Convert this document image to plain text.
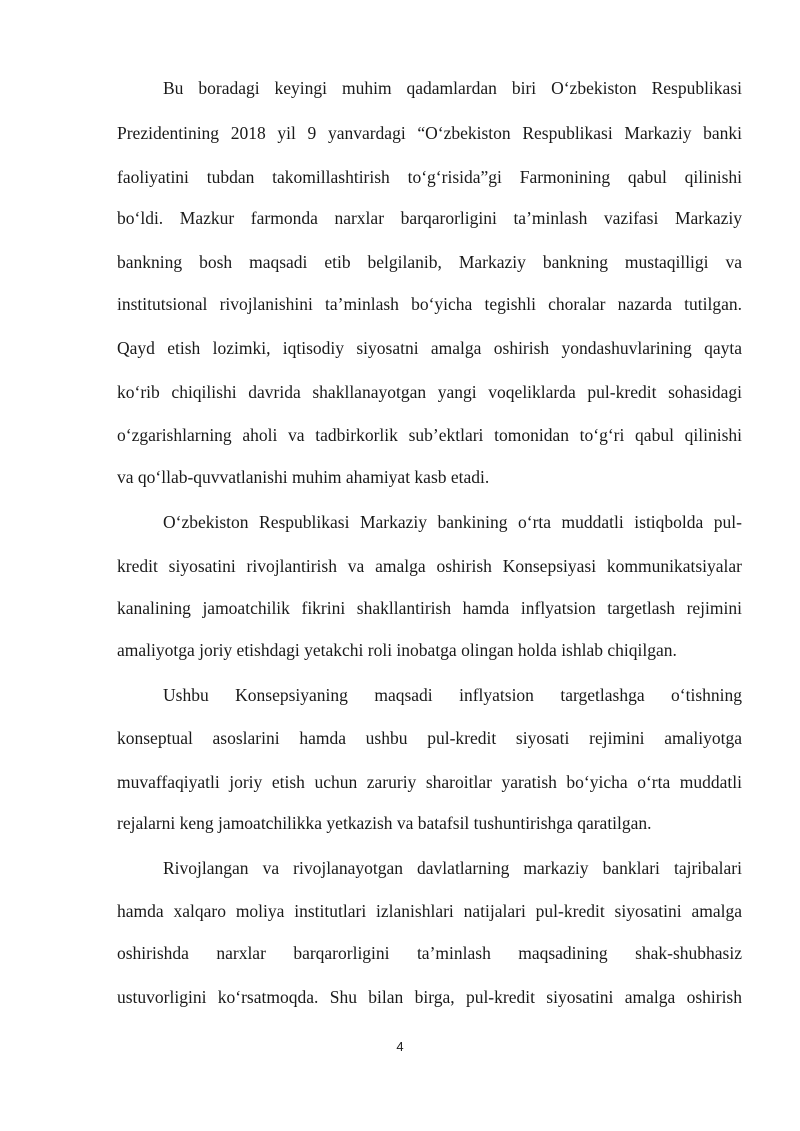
Bu boradagi keyingi muhim qadamlardan biri O‘zbekiston Respublikasi

Prezidentining 2018 yil 9 yanvardagi “O‘zbekiston Respublikasi Markaziy banki

faoliyatini tubdan takomillashtirish to‘g‘risida”gi Farmonining qabul qilinishi

bo‘ldi. Mazkur farmonda narxlar barqarorligini ta’minlash vazifasi Markaziy

bankning bosh maqsadi etib belgilanib, Markaziy bankning mustaqilligi va

institutsional rivojlanishini ta’minlash bo‘yicha tegishli choralar nazarda tutilgan.

Qayd etish lozimki, iqtisodiy siyosatni amalga oshirish yondashuvlarining qayta

ko‘rib chiqilishi davrida shakllanayotgan yangi voqeliklarda pul-kredit sohasidagi

o‘zgarishlarning aholi va tadbirkorlik sub’ektlari tomonidan to‘g‘ri qabul qilinishi

va qo‘llab-quvvatlanishi muhim ahamiyat kasb etadi.

O‘zbekiston Respublikasi Markaziy bankining o‘rta muddatli istiqbolda pul-

kredit siyosatini rivojlantirish va amalga oshirish Konsepsiyasi kommunikatsiyalar

kanalining jamoatchilik fikrini shakllantirish hamda inflyatsion targetlash rejimini

amaliyotga joriy etishdagi yetakchi roli inobatga olingan holda ishlab chiqilgan.

Ushbu Konsepsiyaning maqsadi inflyatsion targetlashga o‘tishning

konseptual asoslarini hamda ushbu pul-kredit siyosati rejimini amaliyotga

muvaffaqiyatli joriy etish uchun zaruriy sharoitlar yaratish bo‘yicha o‘rta muddatli

rejalarni keng jamoatchilikka yetkazish va batafsil tushuntirishga qaratilgan.

Rivojlangan va rivojlanayotgan davlatlarning markaziy banklari tajribalari

hamda xalqaro moliya institutlari izlanishlari natijalari pul-kredit siyosatini amalga

oshirishda narxlar barqarorligini ta’minlash maqsadining shak-shubhasiz

ustuvorligini ko‘rsatmoqda. Shu bilan birga, pul-kredit siyosatini amalga oshirish

4
